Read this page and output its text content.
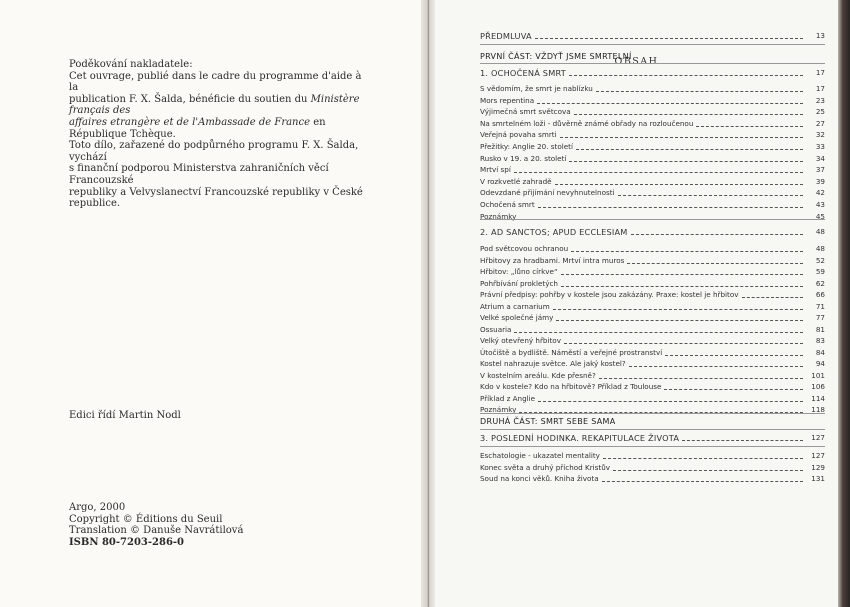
Poděkování nakladatele:

Cet ouvrage, publié dans le cadre du programme d'aide à la

publication F. X. Šalda, bénéficie du soutien du Ministère français des

affaires etrangère et de l'Ambassade de France en République Tchèque.

Toto dílo, zařazené do podpůrného programu F. X. Šalda, vychází

s finanční podporou Ministerstva zahraničních věcí Francouzské

republiky a Velvyslanectví Francouzské republiky v České republice.

Edici řídí Martin Nodl

Argo, 2000

Copyright © Éditions du Seuil

Translation © Danuše Navrátilová

ISBN 80-7203-286-0

OBSAH
PŘEDMLUVA	13
PRVNÍ ČÁST: VŽDYŤ JSME SMRTELNÍ
1. OCHOČENÁ SMRT	17
S vědomím, že smrt je nablízku	17
Mors repentina	23
Výjimečná smrt světcova	25
Na smrtelném loži - důvěrně známé obřady na rozloučenou	27
Veřejná povaha smrti	32
Přežitky: Anglie 20. století	33
Rusko v 19. a 20. století	34
Mrtví spí	37
V rozkvetlé zahradě	39
Odevzdané přijímání nevyhnutelnosti	42
Ochočená smrt	43
Poznámky	45
2. AD SANCTOS; APUD ECCLESIAM	48
Pod světcovou ochranou	48
Hřbitovy za hradbami. Mrtví intra muros	52
Hřbitov: „lůno církve“	59
Pohřbívání prokletých	62
Právní předpisy: pohřby v kostele jsou zakázány. Praxe: kostel je hřbitov	66
Atrium a carnarium	71
Velké společné jámy	77
Ossuaria	81
Velký otevřený hřbitov	83
Útočiště a bydliště. Náměstí a veřejné prostranství	84
Kostel nahrazuje světce. Ale jaký kostel?	94
V kostelním areálu. Kde přesně?	101
Kdo v kostele? Kdo na hřbitově? Příklad z Toulouse	106
Příklad z Anglie	114
Poznámky	118
DRUHÁ ČÁST: SMRT SEBE SAMA
3. POSLEDNÍ HODINKA. REKAPITULACE ŽIVOTA	127
Eschatologie - ukazatel mentality	127
Konec světa a druhý příchod Kristův	129
Soud na konci věků. Kniha života	131
